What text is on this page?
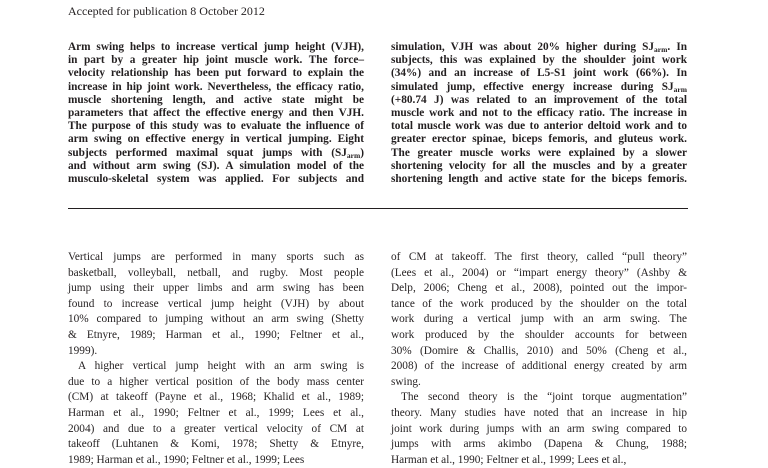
Accepted for publication 8 October 2012
Arm swing helps to increase vertical jump height (VJH),
in part by a greater hip joint muscle work. The force–
velocity relationship has been put forward to explain the
increase in hip joint work. Nevertheless, the efficacy ratio,
muscle shortening length, and active state might be
parameters that affect the effective energy and then VJH.
The purpose of this study was to evaluate the influence of
arm swing on effective energy in vertical jumping. Eight
subjects performed maximal squat jumps with $(SJ_{arm})$
and without arm swing (SJ). A simulation model of the
musculo-skeletal system was applied. For subjects and
simulation, VJH was about 20% higher during $SJ_{arm}$. In
subjects, this was explained by the shoulder joint work
(34%) and an increase of L5-S1 joint work (66%). In
simulated jump, effective energy increase during $SJ_{arm}$
(+80.74 J) was related to an improvement of the total
muscle work and not to the efficacy ratio. The increase in
total muscle work was due to anterior deltoid work and to
greater erector spinae, biceps femoris, and gluteus work.
The greater muscle works were explained by a slower
shortening velocity for all the muscles and by a greater
shortening length and active state for the biceps femoris.
Vertical jumps are performed in many sports such as
basketball, volleyball, netball, and rugby. Most people
jump using their upper limbs and arm swing has been
found to increase vertical jump height (VJH) by about
10% compared to jumping without an arm swing (Shetty
& Etnyre, 1989; Harman et al., 1990; Feltner et al.,
1999).
A higher vertical jump height with an arm swing is
due to a higher vertical position of the body mass center
(CM) at takeoff (Payne et al., 1968; Khalid et al., 1989;
Harman et al., 1990; Feltner et al., 1999; Lees et al.,
2004) and due to a greater vertical velocity of CM at
takeoff (Luhtanen & Komi, 1978; Shetty & Etnyre,
1989; Harman et al., 1990; Feltner et al., 1999; Lees
of CM at takeoff. The first theory, called “pull theory”
(Lees et al., 2004) or “impart energy theory” (Ashby &
Delp, 2006; Cheng et al., 2008), pointed out the impor-
tance of the work produced by the shoulder on the total
work during a vertical jump with an arm swing. The
work produced by the shoulder accounts for between
30% (Domire & Challis, 2010) and 50% (Cheng et al.,
2008) of the increase of additional energy created by arm
swing.
The second theory is the “joint torque augmentation”
theory. Many studies have noted that an increase in hip
joint work during jumps with an arm swing compared to
jumps with arms akimbo (Dapena & Chung, 1988;
Harman et al., 1990; Feltner et al., 1999; Lees et al.,
